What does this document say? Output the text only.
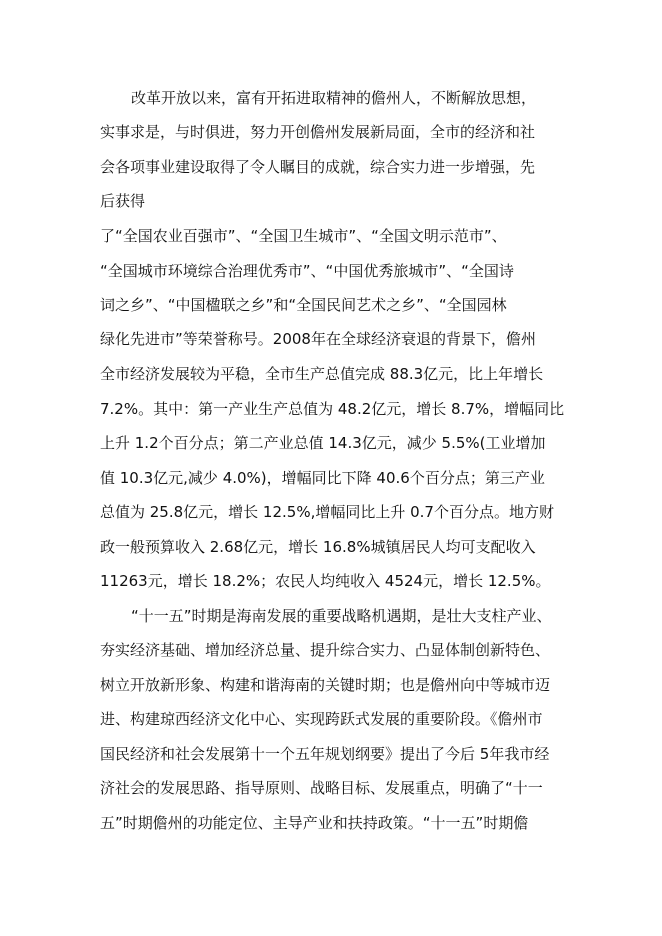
改革开放以来，富有开拓进取精神的儋州人，不断解放思想，
实事求是，与时俱进，努力开创儋州发展新局面，全市的经济和社
会各项事业建设取得了令人瞩目的成就，综合实力进一步增强，先
后获得
了“全国农业百强市”、“全国卫生城市”、“全国文明示范市”、
“全国城市环境综合治理优秀市”、“中国优秀旅城市”、“全国诗
词之乡”、“中国楹联之乡”和“全国民间艺术之乡”、“全国园林
绿化先进市”等荣誉称号。2008年在全球经济衰退的背景下，儋州
全市经济发展较为平稳，全市生产总值完成 88.3亿元，比上年增长
7.2%。其中：第一产业生产总值为 48.2亿元，增长 8.7%，增幅同比
上升 1.2个百分点；第二产业总值 14.3亿元，减少 5.5%(工业增加
值 10.3亿元,减少 4.0%)，增幅同比下降 40.6个百分点；第三产业
总值为 25.8亿元，增长 12.5%,增幅同比上升 0.7个百分点。地方财
政一般预算收入 2.68亿元，增长 16.8%城镇居民人均可支配收入
11263元，增长 18.2%；农民人均纯收入 4524元，增长 12.5%。
“十一五”时期是海南发展的重要战略机遇期，是壮大支柱产业、
夯实经济基础、增加经济总量、提升综合实力、凸显体制创新特色、
树立开放新形象、构建和谐海南的关键时期；也是儋州向中等城市迈
进、构建琼西经济文化中心、实现跨跃式发展的重要阶段。《儋州市
国民经济和社会发展第十一个五年规划纲要》提出了今后 5年我市经
济社会的发展思路、指导原则、战略目标、发展重点，明确了“十一
五”时期儋州的功能定位、主导产业和扶持政策。“十一五”时期儋
